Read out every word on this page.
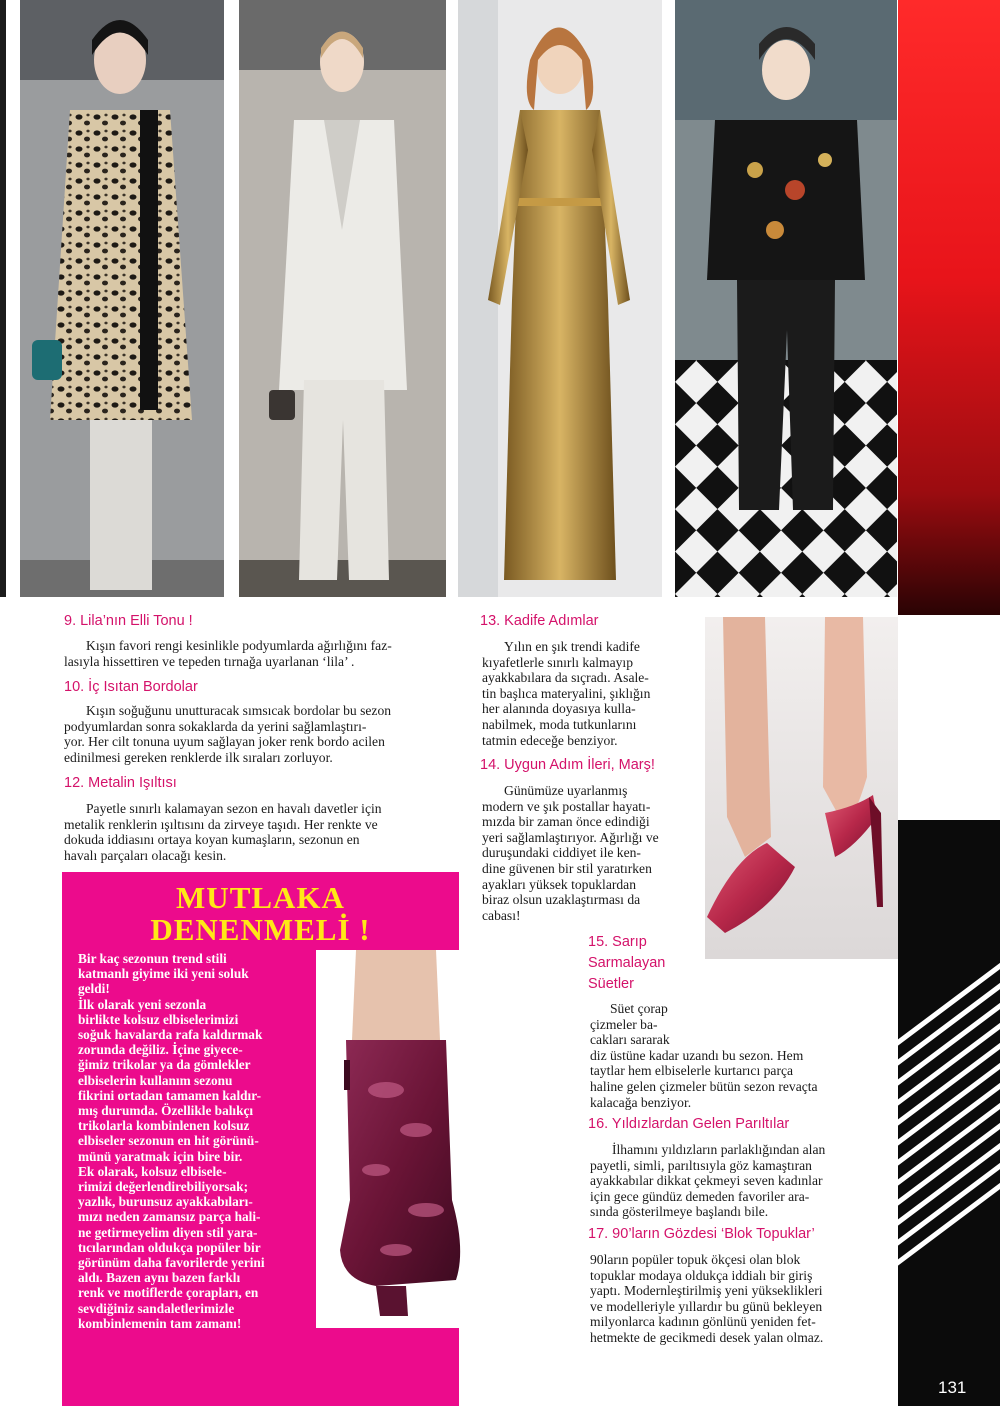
131
9. Lila’nın Elli Tonu !
Kışın favori rengi kesinlikle podyumlarda ağırlığını faz-
lasıyla hissettiren ve tepeden tırnağa uyarlanan ‘lila’ .
10. İç Isıtan Bordolar
Kışın soğuğunu unutturacak sımsıcak bordolar bu sezon
podyumlardan sonra sokaklarda da yerini sağlamlaştırı-
yor. Her cilt tonuna uyum sağlayan joker renk bordo acilen
edinilmesi gereken renklerde ilk sıraları zorluyor.
12. Metalin Işıltısı
Payetle sınırlı kalamayan sezon en havalı davetler için
metalik renklerin ışıltısını da zirveye taşıdı. Her renkte ve
dokuda iddiasını ortaya koyan kumaşların, sezonun en
havalı parçaları olacağı kesin.
13. Kadife Adımlar
Yılın en şık trendi kadife
kıyafetlerle sınırlı kalmayıp
ayakkabılara da sıçradı. Asale-
tin başlıca materyalini, şıklığın
her alanında doyasıya kulla-
nabilmek, moda tutkunlarını
tatmin edeceğe benziyor.
14. Uygun Adım İleri, Marş!
Günümüze uyarlanmış
modern ve şık postallar hayatı-
mızda bir zaman önce edindiği
yeri sağlamlaştırıyor. Ağırlığı ve
duruşundaki ciddiyet ile ken-
dine güvenen bir stil yaratırken
ayakları yüksek topuklardan
biraz olsun uzaklaştırması da
cabası!
15. Sarıp
Sarmalayan
Süetler
Süet çorap
çizmeler ba-
cakları sararak
diz üstüne kadar uzandı bu sezon. Hem
taytlar hem elbiselerle kurtarıcı parça
haline gelen çizmeler bütün sezon revaçta
kalacağa benziyor.
16. Yıldızlardan Gelen Parıltılar
İlhamını yıldızların parlaklığından alan
payetli, simli, parıltısıyla göz kamaştıran
ayakkabılar dikkat çekmeyi seven kadınlar
için gece gündüz demeden favoriler ara-
sında gösterilmeye başlandı bile.
17. 90’ların Gözdesi ‘Blok Topuklar’
90ların popüler topuk ökçesi olan blok
topuklar modaya oldukça iddialı bir giriş
yaptı. Modernleştirilmiş yeni yükseklikleri
ve modelleriyle yıllardır bu günü bekleyen
milyonlarca kadının gönlünü yeniden fet-
hetmekte de gecikmedi desek yalan olmaz.
MUTLAKA
DENENMELİ !
Bir kaç sezonun trend stili
katmanlı giyime iki yeni soluk
geldi!
İlk olarak yeni sezonla
birlikte kolsuz elbiselerimizi
soğuk havalarda rafa kaldırmak
zorunda değiliz. İçine giyece-
ğimiz trikolar ya da gömlekler
elbiselerin kullanım sezonu
fikrini ortadan tamamen kaldır-
mış durumda. Özellikle balıkçı
trikolarla kombinlenen kolsuz
elbiseler sezonun en hit görünü-
münü yaratmak için bire bir.
Ek olarak, kolsuz elbisele-
rimizi değerlendirebiliyorsak;
yazlık, burunsuz ayakkabıları-
mızı neden zamansız parça hali-
ne getirmeyelim diyen stil yara-
tıcılarından oldukça popüler bir
görünüm daha favorilerde yerini
aldı. Bazen aynı bazen farklı
renk ve motiflerde çorapları, en
sevdiğiniz sandaletlerimizle
kombinlemenin tam zamanı!
